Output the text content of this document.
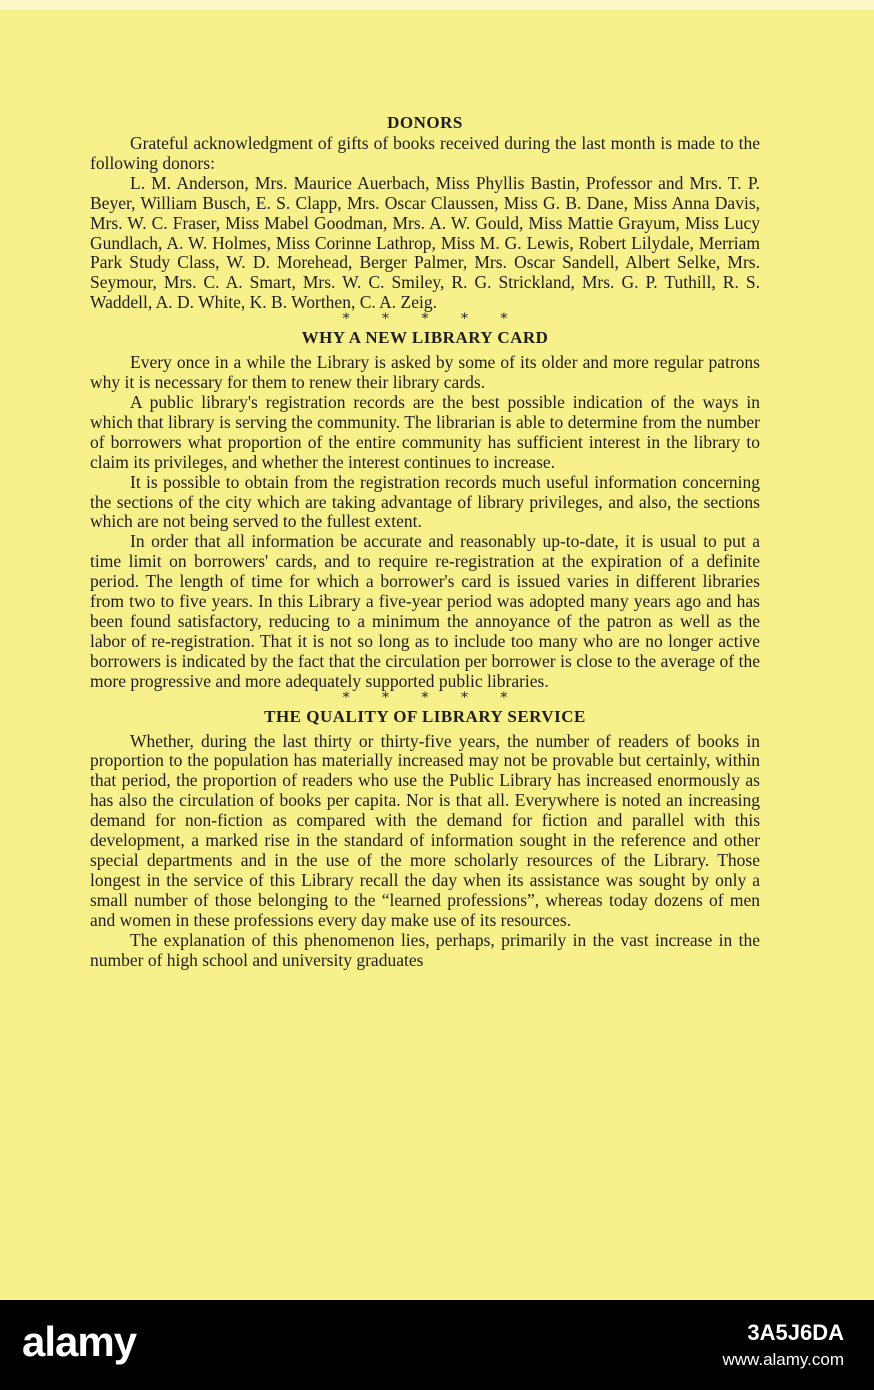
DONORS

Grateful acknowledgment of gifts of books received during the last month is made to the following donors:

L. M. Anderson, Mrs. Maurice Auerbach, Miss Phyllis Bastin, Professor and Mrs. T. P. Beyer, William Busch, E. S. Clapp, Mrs. Oscar Claussen, Miss G. B. Dane, Miss Anna Davis, Mrs. W. C. Fraser, Miss Mabel Goodman, Mrs. A. W. Gould, Miss Mattie Grayum, Miss Lucy Gundlach, A. W. Holmes, Miss Corinne Lathrop, Miss M. G. Lewis, Robert Lilydale, Merriam Park Study Class, W. D. Morehead, Berger Palmer, Mrs. Oscar Sandell, Albert Selke, Mrs. Seymour, Mrs. C. A. Smart, Mrs. W. C. Smiley, R. G. Strickland, Mrs. G. P. Tuthill, R. S. Waddell, A. D. White, K. B. Worthen, C. A. Zeig.

* * * * *
WHY A NEW LIBRARY CARD

Every once in a while the Library is asked by some of its older and more regular patrons why it is necessary for them to renew their library cards.

A public library's registration records are the best possible indication of the ways in which that library is serving the community. The librarian is able to determine from the number of borrowers what proportion of the entire community has sufficient interest in the library to claim its privileges, and whether the interest continues to increase.

It is possible to obtain from the registration records much useful information concerning the sections of the city which are taking advantage of library privileges, and also, the sections which are not being served to the fullest extent.

In order that all information be accurate and reasonably up-to-date, it is usual to put a time limit on borrowers' cards, and to require re-registration at the expiration of a definite period. The length of time for which a borrower's card is issued varies in different libraries from two to five years. In this Library a five-year period was adopted many years ago and has been found satisfactory, reducing to a minimum the annoyance of the patron as well as the labor of re-registration. That it is not so long as to include too many who are no longer active borrowers is indicated by the fact that the circulation per borrower is close to the average of the more progressive and more adequately supported public libraries.

* * * * *
THE QUALITY OF LIBRARY SERVICE

Whether, during the last thirty or thirty-five years, the number of readers of books in proportion to the population has materially increased may not be provable but certainly, within that period, the proportion of readers who use the Public Library has increased enormously as has also the circulation of books per capita. Nor is that all. Everywhere is noted an increasing demand for non-fiction as compared with the demand for fiction and parallel with this development, a marked rise in the standard of information sought in the reference and other special departments and in the use of the more scholarly resources of the Library. Those longest in the service of this Library recall the day when its assistance was sought by only a small number of those belonging to the “learned professions”, whereas today dozens of men and women in these professions every day make use of its resources.

The explanation of this phenomenon lies, perhaps, primarily in the vast increase in the number of high school and university graduates

alamy	3A5J6DA
www.alamy.com
